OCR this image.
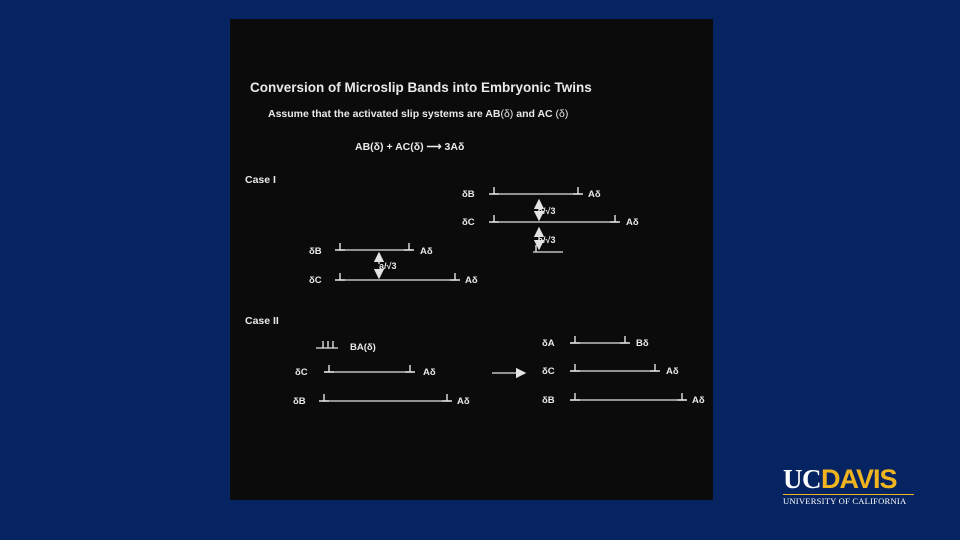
Conversion of Microslip Bands into Embryonic Twins
Assume that the activated slip systems are AB(δ) and AC (δ)
AB(δ) + AC(δ) ⟶ 3Aδ
Case I
δB	Aδ
a/√3
δC	Aδ
a/√3
δB	Aδ
a/√3
δC	Aδ
Case II
BA(δ)
δC	Aδ
δB	Aδ
δA	Bδ
δC	Aδ
δB	Aδ
UCDAVIS
UNIVERSITY OF CALIFORNIA
